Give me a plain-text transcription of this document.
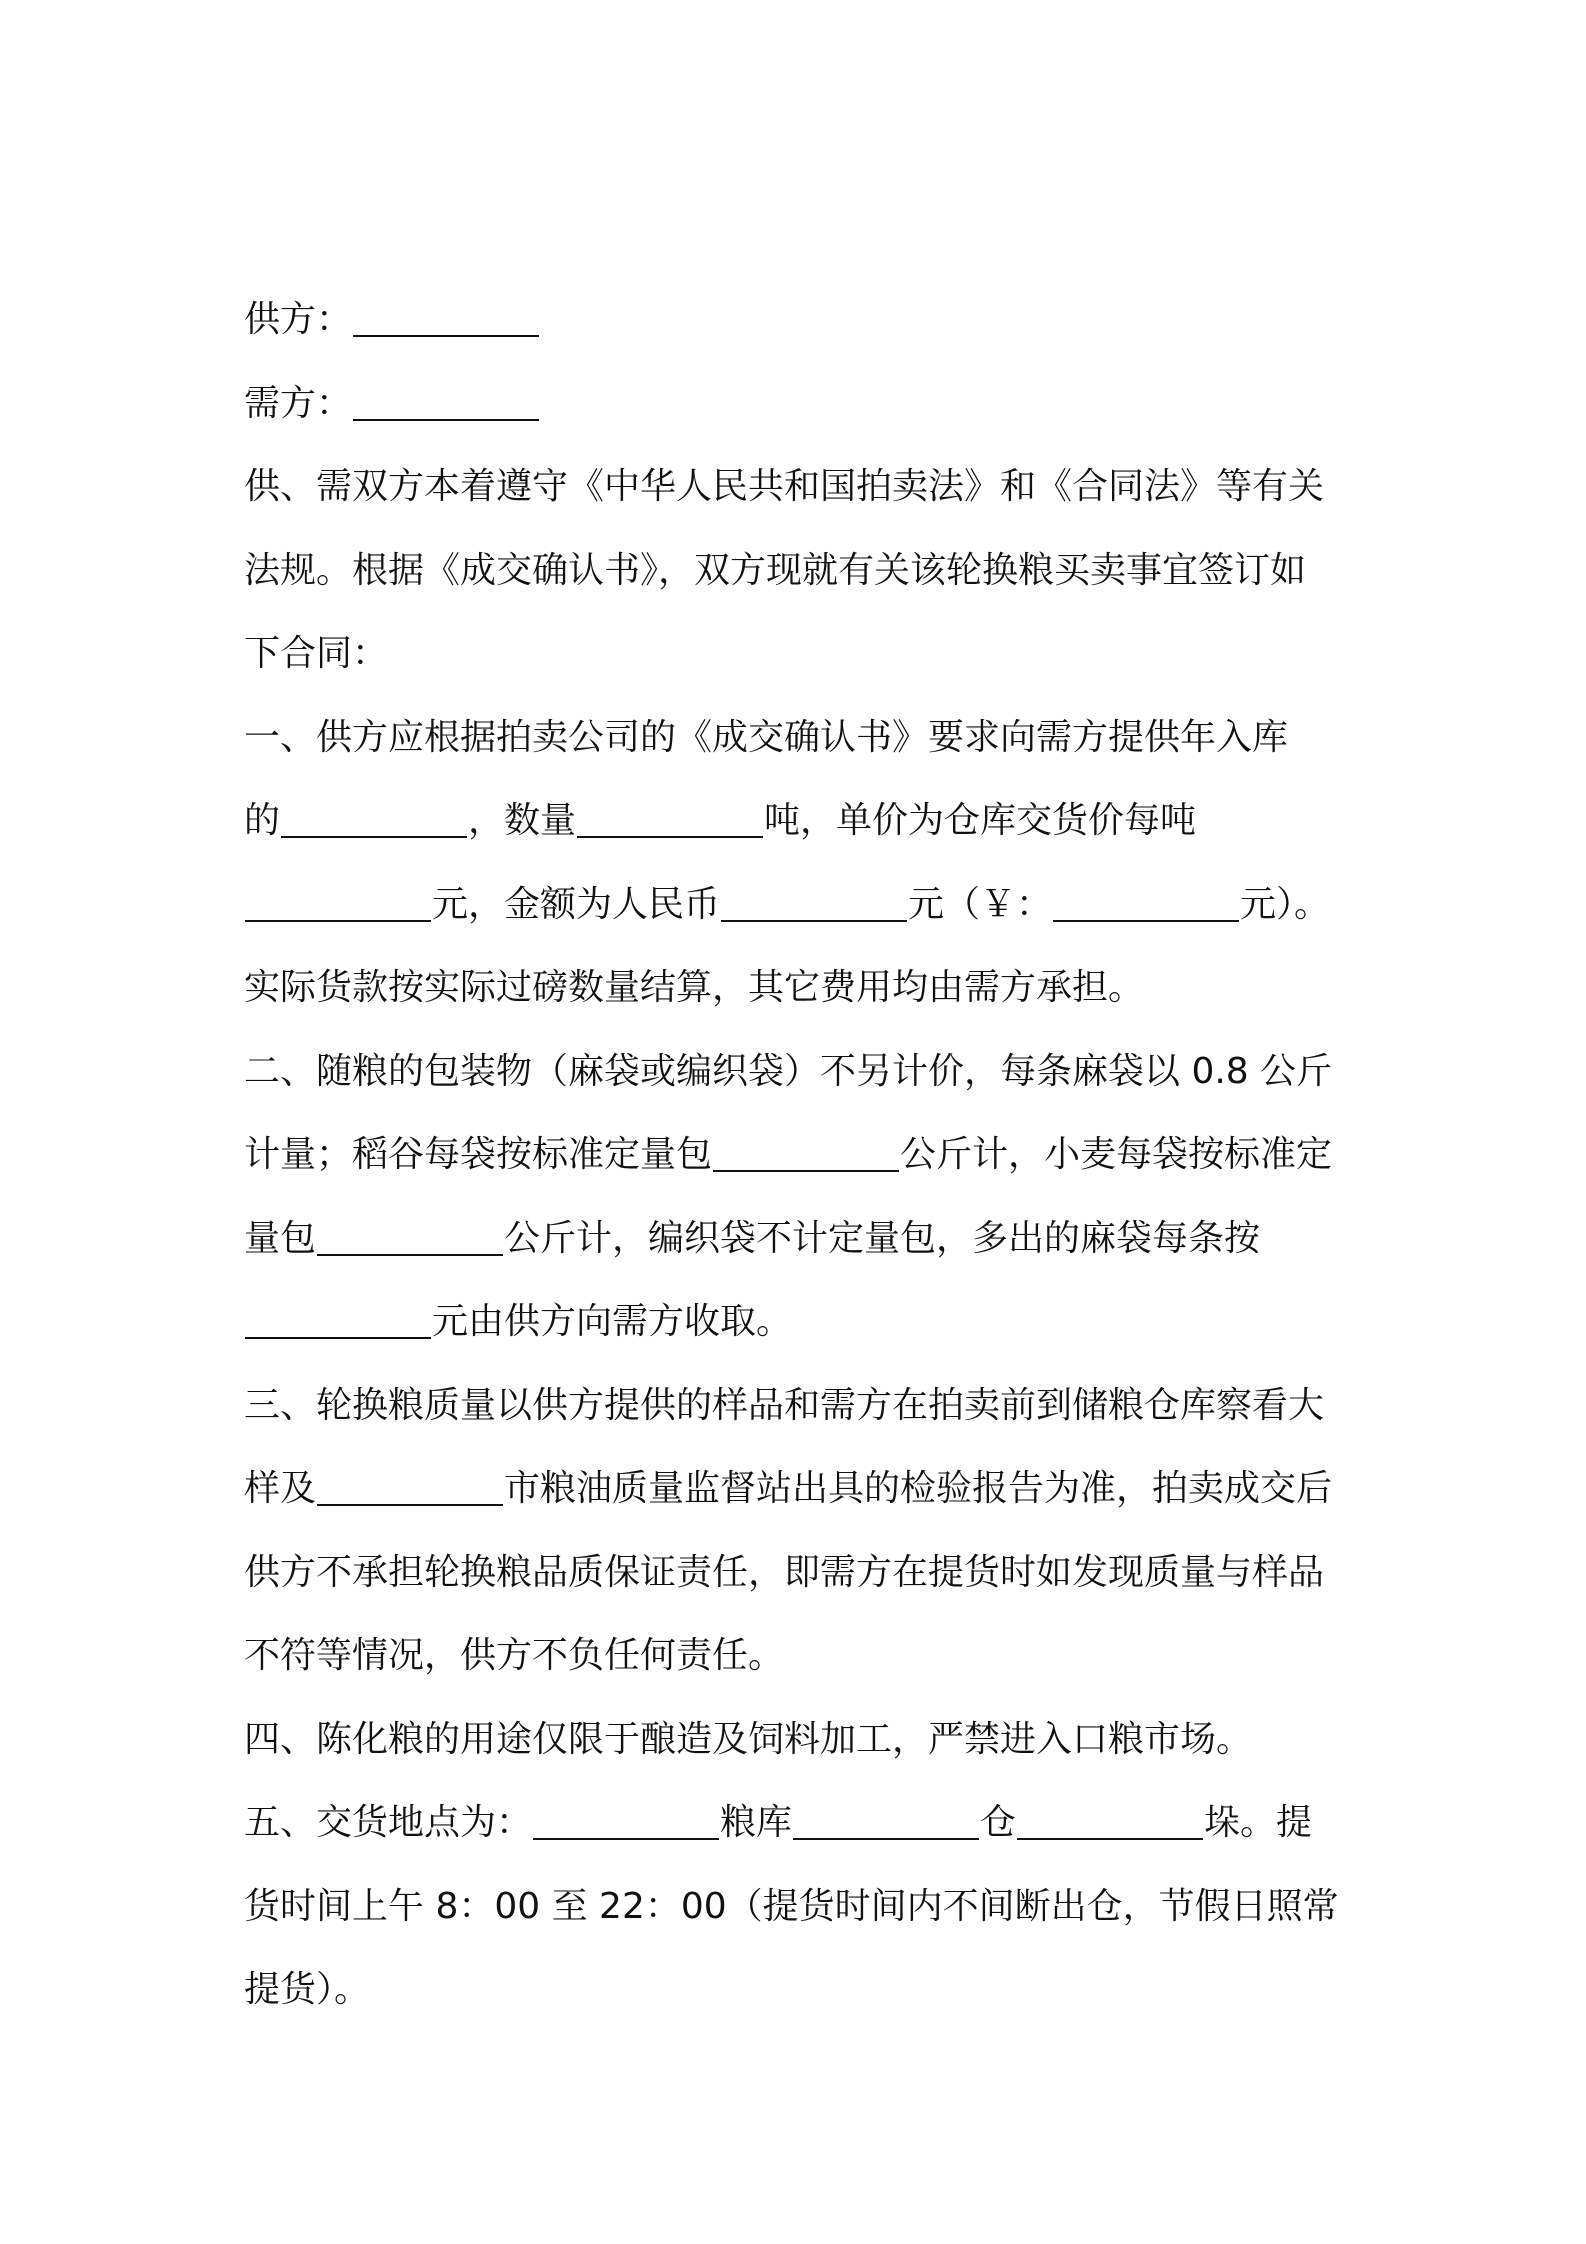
供方：

需方：

供、需双方本着遵守《中华人民共和国拍卖法》和《合同法》等有关

法规。根据《成交确认书》，双方现就有关该轮换粮买卖事宜签订如

下合同：

一、供方应根据拍卖公司的《成交确认书》要求向需方提供年入库

的	，数量	吨，单价为仓库交货价每吨

元，金额为人民币	元（￥：	元）。

实际货款按实际过磅数量结算，其它费用均由需方承担。

二、随粮的包装物（麻袋或编织袋）不另计价，每条麻袋以 0.8 公斤

计量；稻谷每袋按标准定量包	公斤计，小麦每袋按标准定

量包	公斤计，编织袋不计定量包，多出的麻袋每条按

元由供方向需方收取。

三、轮换粮质量以供方提供的样品和需方在拍卖前到储粮仓库察看大

样及	市粮油质量监督站出具的检验报告为准，拍卖成交后

供方不承担轮换粮品质保证责任，即需方在提货时如发现质量与样品

不符等情况，供方不负任何责任。

四、陈化粮的用途仅限于酿造及饲料加工，严禁进入口粮市场。

五、交货地点为：	粮库	仓	垛。提

货时间上午 8：00 至 22：00（提货时间内不间断出仓，节假日照常

提货）。
